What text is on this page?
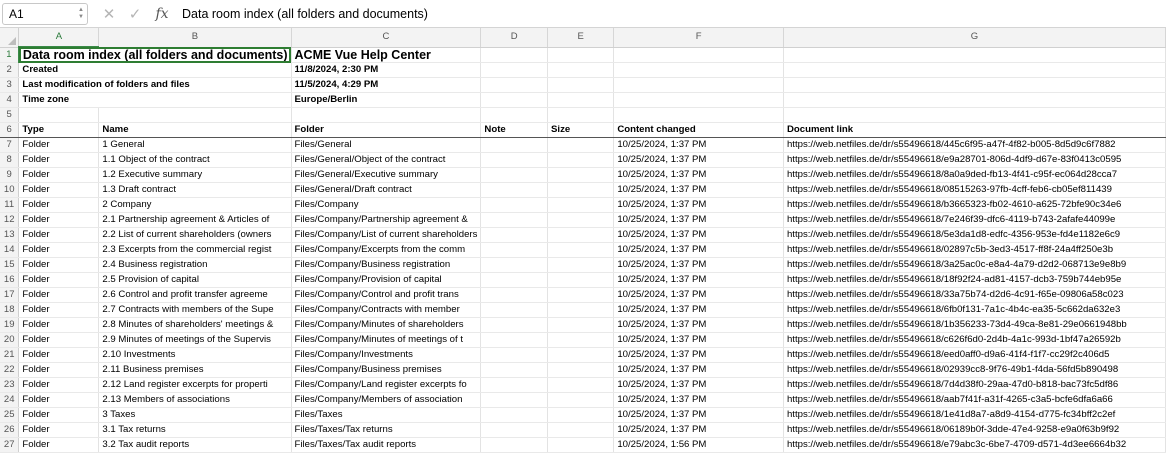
A1	▲
▼	✕ ✓	fx	Data room index (all folders and documents)
	A	B	C	D	E	F	G
1	Data room index (all folders and documents)		ACME Vue Help Center				
2	Created		11/8/2024, 2:30 PM				
3	Last modification of folders and files		11/5/2024, 4:29 PM				
4	Time zone		Europe/Berlin				
5							
6	Type	Name	Folder	Note	Size	Content changed	Document link
7	Folder	1 General	Files/General			10/25/2024, 1:37 PM	https://web.netfiles.de/dr/s55496618/445c6f95-a47f-4f82-b005-8d5d9c6f7882
8	Folder	1.1 Object of the contract	Files/General/Object of the contract			10/25/2024, 1:37 PM	https://web.netfiles.de/dr/s55496618/e9a28701-806d-4df9-d67e-83f0413c0595
9	Folder	1.2 Executive summary	Files/General/Executive summary			10/25/2024, 1:37 PM	https://web.netfiles.de/dr/s55496618/8a0a9ded-fb13-4f41-c95f-ec064d28cca7
10	Folder	1.3 Draft contract	Files/General/Draft contract			10/25/2024, 1:37 PM	https://web.netfiles.de/dr/s55496618/08515263-97fb-4cff-feb6-cb05ef811439
11	Folder	2 Company	Files/Company			10/25/2024, 1:37 PM	https://web.netfiles.de/dr/s55496618/b3665323-fb02-4610-a625-72bfe90c34e6
12	Folder	2.1 Partnership agreement & Articles of	Files/Company/Partnership agreement &			10/25/2024, 1:37 PM	https://web.netfiles.de/dr/s55496618/7e246f39-dfc6-4119-b743-2afafe44099e
13	Folder	2.2 List of current shareholders (owners	Files/Company/List of current shareholders			10/25/2024, 1:37 PM	https://web.netfiles.de/dr/s55496618/5e3da1d8-edfc-4356-953e-fd4e1182e6c9
14	Folder	2.3 Excerpts from the commercial regist	Files/Company/Excerpts from the comm			10/25/2024, 1:37 PM	https://web.netfiles.de/dr/s55496618/02897c5b-3ed3-4517-ff8f-24a4ff250e3b
15	Folder	2.4 Business registration	Files/Company/Business registration			10/25/2024, 1:37 PM	https://web.netfiles.de/dr/s55496618/3a25ac0c-e8a4-4a79-d2d2-068713e9e8b9
16	Folder	2.5 Provision of capital	Files/Company/Provision of capital			10/25/2024, 1:37 PM	https://web.netfiles.de/dr/s55496618/18f92f24-ad81-4157-dcb3-759b744eb95e
17	Folder	2.6 Control and profit transfer agreeme	Files/Company/Control and profit trans			10/25/2024, 1:37 PM	https://web.netfiles.de/dr/s55496618/33a75b74-d2d6-4c91-f65e-09806a58c023
18	Folder	2.7 Contracts with members of the Supe	Files/Company/Contracts with member			10/25/2024, 1:37 PM	https://web.netfiles.de/dr/s55496618/6fb0f131-7a1c-4b4c-ea35-5c662da632e3
19	Folder	2.8 Minutes of shareholders' meetings &	Files/Company/Minutes of shareholders			10/25/2024, 1:37 PM	https://web.netfiles.de/dr/s55496618/1b356233-73d4-49ca-8e81-29e0661948bb
20	Folder	2.9 Minutes of meetings of the Supervis	Files/Company/Minutes of meetings of t			10/25/2024, 1:37 PM	https://web.netfiles.de/dr/s55496618/c626f6d0-2d4b-4a1c-993d-1bf47a26592b
21	Folder	2.10 Investments	Files/Company/Investments			10/25/2024, 1:37 PM	https://web.netfiles.de/dr/s55496618/eed0aff0-d9a6-41f4-f1f7-cc29f2c406d5
22	Folder	2.11 Business premises	Files/Company/Business premises			10/25/2024, 1:37 PM	https://web.netfiles.de/dr/s55496618/02939cc8-9f76-49b1-f4da-56fd5b890498
23	Folder	2.12 Land register excerpts for properti	Files/Company/Land register excerpts fo			10/25/2024, 1:37 PM	https://web.netfiles.de/dr/s55496618/7d4d38f0-29aa-47d0-b818-bac73fc5df86
24	Folder	2.13 Members of associations	Files/Company/Members of association			10/25/2024, 1:37 PM	https://web.netfiles.de/dr/s55496618/aab7f41f-a31f-4265-c3a5-bcfe6dfa6a66
25	Folder	3 Taxes	Files/Taxes			10/25/2024, 1:37 PM	https://web.netfiles.de/dr/s55496618/1e41d8a7-a8d9-4154-d775-fc34bff2c2ef
26	Folder	3.1 Tax returns	Files/Taxes/Tax returns			10/25/2024, 1:37 PM	https://web.netfiles.de/dr/s55496618/06189b0f-3dde-47e4-9258-e9a0f63b9f92
27	Folder	3.2 Tax audit reports	Files/Taxes/Tax audit reports			10/25/2024, 1:56 PM	https://web.netfiles.de/dr/s55496618/e79abc3c-6be7-4709-d571-4d3ee6664b32
